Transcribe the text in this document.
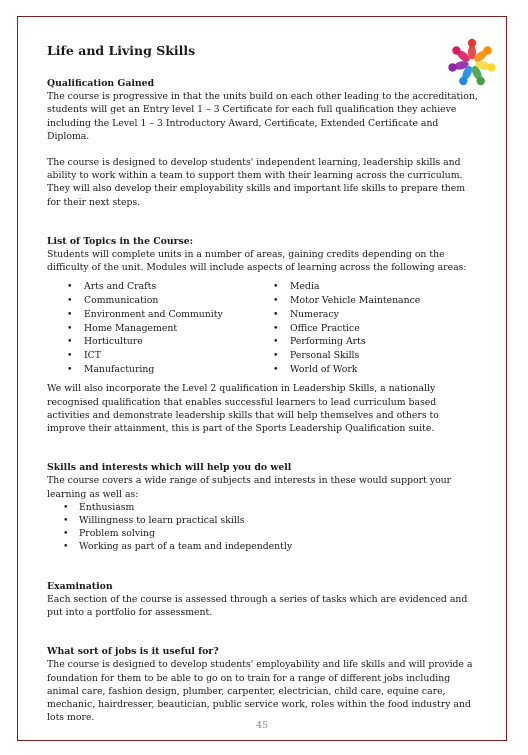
Life and Living Skills

Qualification Gained

The course is progressive in that the units build on each other leading to the accreditation, students will get an Entry level 1 – 3 Certificate for each full qualification they achieve including the Level 1 – 3 Introductory Award, Certificate, Extended Certificate and Diploma.

The course is designed to develop students' independent learning, leadership skills and ability to work within a team to support them with their learning across the curriculum. They will also develop their employability skills and important life skills to prepare them for their next steps.

List of Topics in the Course:

Students will complete units in a number of areas, gaining credits depending on the difficulty of the unit. Modules will include aspects of learning across the following areas:

• Arts and Crafts
• Communication
• Environment and Community
• Home Management
• Horticulture
• ICT
• Manufacturing
• Media
• Motor Vehicle Maintenance
• Numeracy
• Office Practice
• Performing Arts
• Personal Skills
• World of Work

We will also incorporate the Level 2 qualification in Leadership Skills, a nationally recognised qualification that enables successful learners to lead curriculum based activities and demonstrate leadership skills that will help themselves and others to improve their attainment, this is part of the Sports Leadership Qualification suite.

Skills and interests which will help you do well

The course covers a wide range of subjects and interests in these would support your learning as well as:

• Enthusiasm
• Willingness to learn practical skills
• Problem solving
• Working as part of a team and independently

Examination

Each section of the course is assessed through a series of tasks which are evidenced and put into a portfolio for assessment.

What sort of jobs is it useful for?

The course is designed to develop students' employability and life skills and will provide a foundation for them to be able to go on to train for a range of different jobs including animal care, fashion design, plumber, carpenter, electrician, child care, equine care, mechanic, hairdresser, beautician, public service work, roles within the food industry and lots more.

45
